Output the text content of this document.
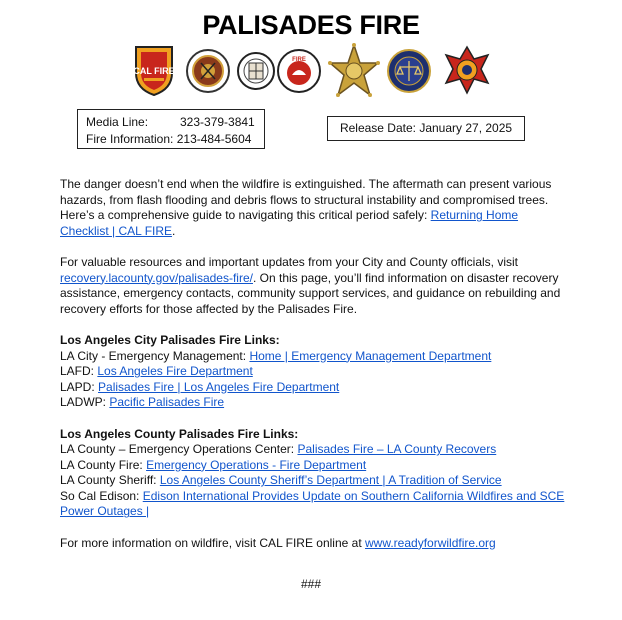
PALISADES FIRE
CAL FIRE
FIRE
Media Line:	323-379-3841
Fire Information:
213-484-5604
Release Date: January 27, 2025

The danger doesn’t end when the wildfire is extinguished. The aftermath can present various hazards, from flash flooding and debris flows to structural instability and compromised trees. Here’s a comprehensive guide to navigating this critical period safely: Returning Home Checklist | CAL FIRE.

For valuable resources and important updates from your City and County officials, visit recovery.lacounty.gov/palisades-fire/. On this page, you’ll find information on disaster recovery assistance, emergency contacts, community support services, and guidance on rebuilding and recovery efforts for those affected by the Palisades Fire.

Los Angeles City Palisades Fire Links:

LA City - Emergency Management: Home | Emergency Management Department

LAFD: Los Angeles Fire Department

LAPD: Palisades Fire | Los Angeles Fire Department

LADWP: Pacific Palisades Fire

Los Angeles County Palisades Fire Links:

LA County – Emergency Operations Center: Palisades Fire – LA County Recovers

LA County Fire: Emergency Operations - Fire Department

LA County Sheriff: Los Angeles County Sheriff’s Department | A Tradition of Service

So Cal Edison: Edison International Provides Update on Southern California Wildfires and SCE Power Outages |

For more information on wildfire, visit CAL FIRE online at www.readyforwildfire.org

###
